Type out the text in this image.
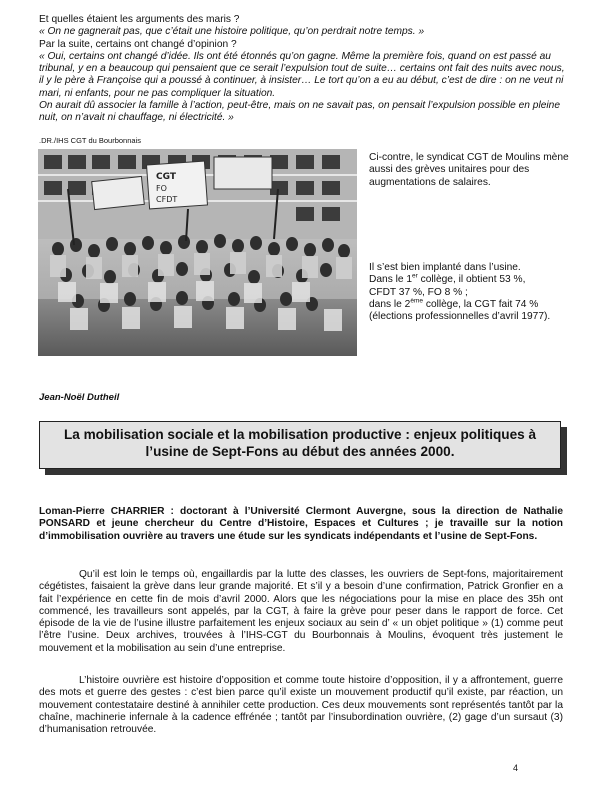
Et quelles étaient les arguments des maris ?

« On ne gagnerait pas, que c’était une histoire politique, qu’on perdrait notre temps. »

Par la suite, certains ont changé d’opinion ?

« Oui, certains ont changé d’idée. Ils ont été étonnés qu’on gagne. Même la première fois, quand on est passé au tribunal, y en a beaucoup qui pensaient que ce serait l’expulsion tout de suite… certains ont fait des nuits avec nous, il y le père à Françoise qui a poussé à continuer, à insister… Le tort qu’on a eu au début, c’est de dire : on ne veut ni mari, ni enfants, pour ne pas compliquer la situation.

On aurait dû associer la famille à l’action, peut-être, mais on ne savait pas, on pensait l’expulsion possible en pleine nuit, on n’avait ni chauffage, ni électricité. »

.DR./IHS CGT du Bourbonnais
CGT
FO
CFDT
Ci-contre, le syndicat CGT de Moulins mène aussi des grèves unitaires pour des augmentations de salaires.
Il s’est bien implanté dans l’usine.
Dans le 1er collège, il obtient 53 %,
CFDT 37 %, FO 8 % ;
dans le 2ème collège, la CGT fait 74 %
(élections professionnelles d’avril 1977).
Jean-Noël Dutheil

La mobilisation sociale et la mobilisation productive : enjeux politiques à l’usine de Sept-Fons au début des années 2000.

Loman-Pierre CHARRIER : doctorant à l’Université Clermont Auvergne, sous la direction de Nathalie PONSARD et jeune chercheur du Centre d’Histoire, Espaces et Cultures ; je travaille sur la notion d’immobilisation ouvrière au travers une étude sur les syndicats indépendants et l’usine de Sept-Fons.

Qu’il est loin le temps où, engaillardis par la lutte des classes, les ouvriers de Sept-fons, majoritairement cégétistes, faisaient la grève dans leur grande majorité. Et s’il y a besoin d’une confirmation, Patrick Gronfier en a fait l’expérience en cette fin de mois d’avril 2000. Alors que les négociations pour la mise en place des 35h ont commencé, les travailleurs sont appelés, par la CGT, à faire la grève pour peser dans le rapport de force. Cet épisode de la vie de l’usine illustre parfaitement les enjeux sociaux au sein d’ « un objet politique » (1) comme peut l’être l’usine. Deux archives, trouvées à l’IHS-CGT du Bourbonnais à Moulins, évoquent très justement le mouvement et la mobilisation au sein d’une entreprise.

L’histoire ouvrière est histoire d’opposition et comme toute histoire d’opposition, il y a affrontement, guerre des mots et guerre des gestes : c’est bien parce qu’il existe un mouvement productif qu’il existe, par réaction, un mouvement contestataire destiné à annihiler cette production. Ces deux mouvements sont représentés tantôt par la chaîne, machinerie infernale à la cadence effrénée ; tantôt par l’insubordination ouvrière, (2) gage d’un sursaut (3) d’humanisation retrouvée.

4
